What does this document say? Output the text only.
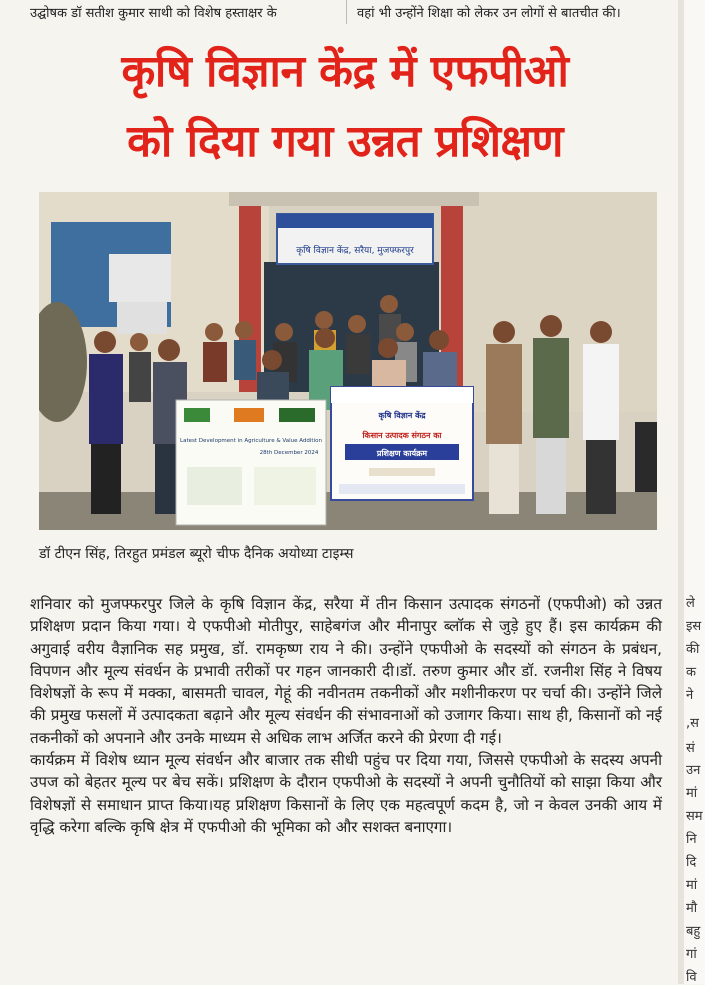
उद्घोषक डॉ सतीश कुमार साथी को विशेष हस्ताक्षर के	वहां भी उन्होंने शिक्षा को लेकर उन लोगों से बातचीत की।
कृषि विज्ञान केंद्र में एफपीओ
को दिया गया उन्नत प्रशिक्षण
कृषि विज्ञान केंद्र, सरैया, मुजफ्फरपुर
Latest Development in Agriculture & Value Addition
28th December 2024
कृषि विज्ञान केंद्र
किसान उत्पादक संगठन का
प्रशिक्षण कार्यक्रम
डॉ टीएन सिंह, तिरहुत प्रमंडल ब्यूरो चीफ दैनिक अयोध्या टाइम्स

शनिवार को मुजफ्फरपुर जिले के कृषि विज्ञान केंद्र, सरैया में तीन किसान उत्पादक संगठनों (एफपीओ) को उन्नत प्रशिक्षण प्रदान किया गया। ये एफपीओ मोतीपुर, साहेबगंज और मीनापुर ब्लॉक से जुड़े हुए हैं। इस कार्यक्रम की अगुवाई वरीय वैज्ञानिक सह प्रमुख, डॉ. रामकृष्ण राय ने की। उन्होंने एफपीओ के सदस्यों को संगठन के प्रबंधन, विपणन और मूल्य संवर्धन के प्रभावी तरीकों पर गहन जानकारी दी।डॉ. तरुण कुमार और डॉ. रजनीश सिंह ने विषय विशेषज्ञों के रूप में मक्का, बासमती चावल, गेहूं की नवीनतम तकनीकों और मशीनीकरण पर चर्चा की। उन्होंने जिले की प्रमुख फसलों में उत्पादकता बढ़ाने और मूल्य संवर्धन की संभावनाओं को उजागर किया। साथ ही, किसानों को नई तकनीकों को अपनाने और उनके माध्यम से अधिक लाभ अर्जित करने की प्रेरणा दी गई।

कार्यक्रम में विशेष ध्यान मूल्य संवर्धन और बाजार तक सीधी पहुंच पर दिया गया, जिससे एफपीओ के सदस्य अपनी उपज को बेहतर मूल्य पर बेच सकें। प्रशिक्षण के दौरान एफपीओ के सदस्यों ने अपनी चुनौतियों को साझा किया और विशेषज्ञों से समाधान प्राप्त किया।यह प्रशिक्षण किसानों के लिए एक महत्वपूर्ण कदम है, जो न केवल उनकी आय में वृद्धि करेगा बल्कि कृषि क्षेत्र में एफपीओ की भूमिका को और सशक्त बनाएगा।

ले
इस
की
क
ने
,स
सं
उन
मां
सम
नि
दि
मां
मौ
बहु
गां
वि
